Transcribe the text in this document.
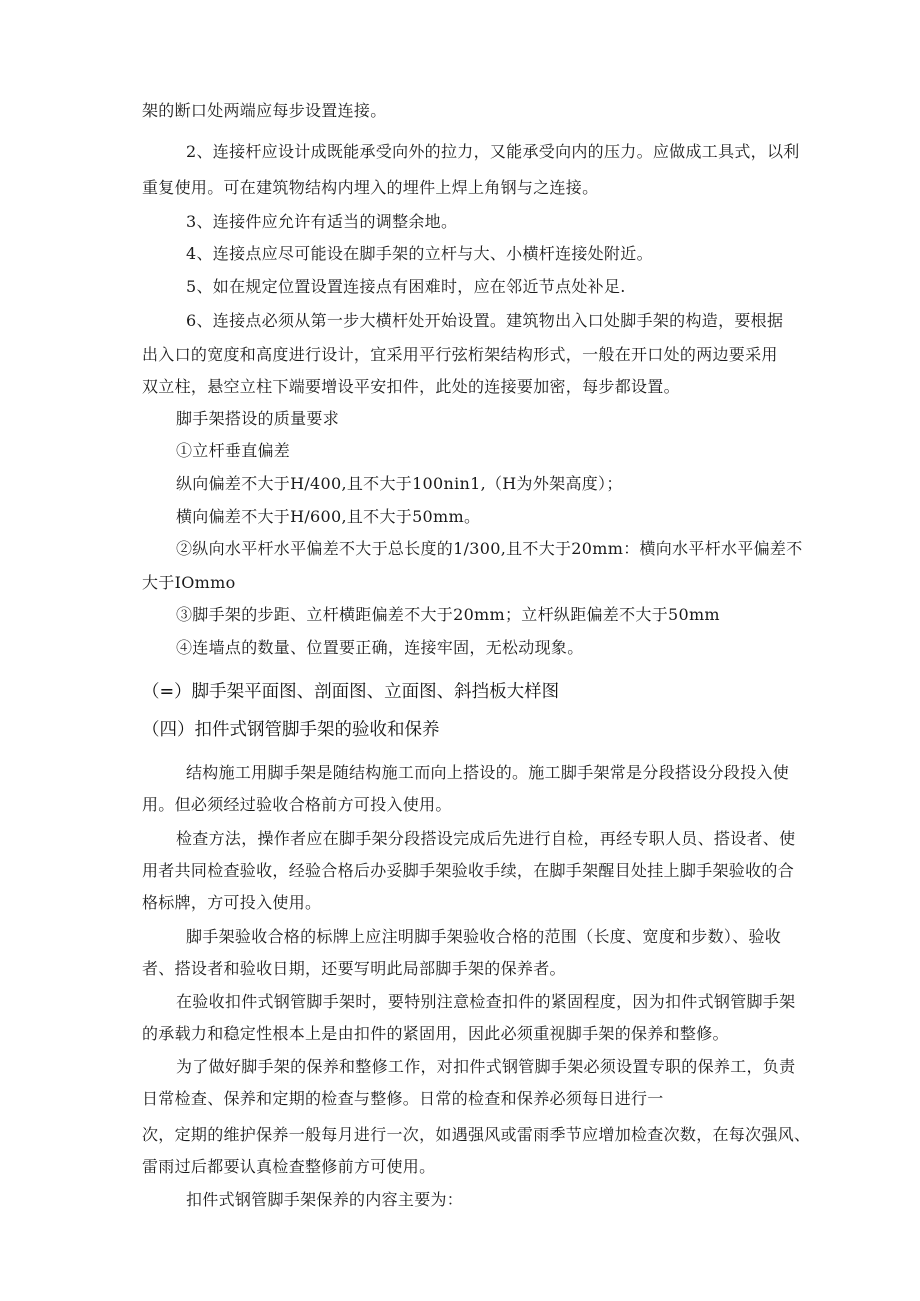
架的断口处两端应每步设置连接。
2、连接杆应设计成既能承受向外的拉力，又能承受向内的压力。应做成工具式，以利
重复使用。可在建筑物结构内埋入的埋件上焊上角钢与之连接。
3、连接件应允许有适当的调整余地。
4、连接点应尽可能设在脚手架的立杆与大、小横杆连接处附近。
5、如在规定位置设置连接点有困难时，应在邻近节点处补足.
6、连接点必须从第一步大横杆处开始设置。建筑物出入口处脚手架的构造，要根据
出入口的宽度和高度进行设计，宜采用平行弦桁架结构形式，一般在开口处的两边要采用
双立柱，悬空立柱下端要增设平安扣件，此处的连接要加密，每步都设置。
脚手架搭设的质量要求
①立杆垂直偏差
纵向偏差不大于H/400,且不大于100nin1,（H为外架高度）；
横向偏差不大于H/600,且不大于50mm。
②纵向水平杆水平偏差不大于总长度的1/300,且不大于20mm：横向水平杆水平偏差不
大于IOmmo
③脚手架的步距、立杆横距偏差不大于20mm；立杆纵距偏差不大于50mm
④连墙点的数量、位置要正确，连接牢固，无松动现象。
（=）脚手架平面图、剖面图、立面图、斜挡板大样图
（四）扣件式钢管脚手架的验收和保养
结构施工用脚手架是随结构施工而向上搭设的。施工脚手架常是分段搭设分段投入使
用。但必须经过验收合格前方可投入使用。
检查方法，操作者应在脚手架分段搭设完成后先进行自检，再经专职人员、搭设者、使
用者共同检查验收，经验合格后办妥脚手架验收手续，在脚手架醒目处挂上脚手架验收的合
格标牌，方可投入使用。
脚手架验收合格的标牌上应注明脚手架验收合格的范围（长度、宽度和步数）、验收
者、搭设者和验收日期，还要写明此局部脚手架的保养者。
在验收扣件式钢管脚手架时，要特别注意检查扣件的紧固程度，因为扣件式钢管脚手架
的承载力和稳定性根本上是由扣件的紧固用，因此必须重视脚手架的保养和整修。
为了做好脚手架的保养和整修工作，对扣件式钢管脚手架必须设置专职的保养工，负责
日常检查、保养和定期的检查与整修。日常的检查和保养必须每日进行一
次，定期的维护保养一般每月进行一次，如遇强风或雷雨季节应增加检查次数，在每次强风、
雷雨过后都要认真检查整修前方可使用。
扣件式钢管脚手架保养的内容主要为：
